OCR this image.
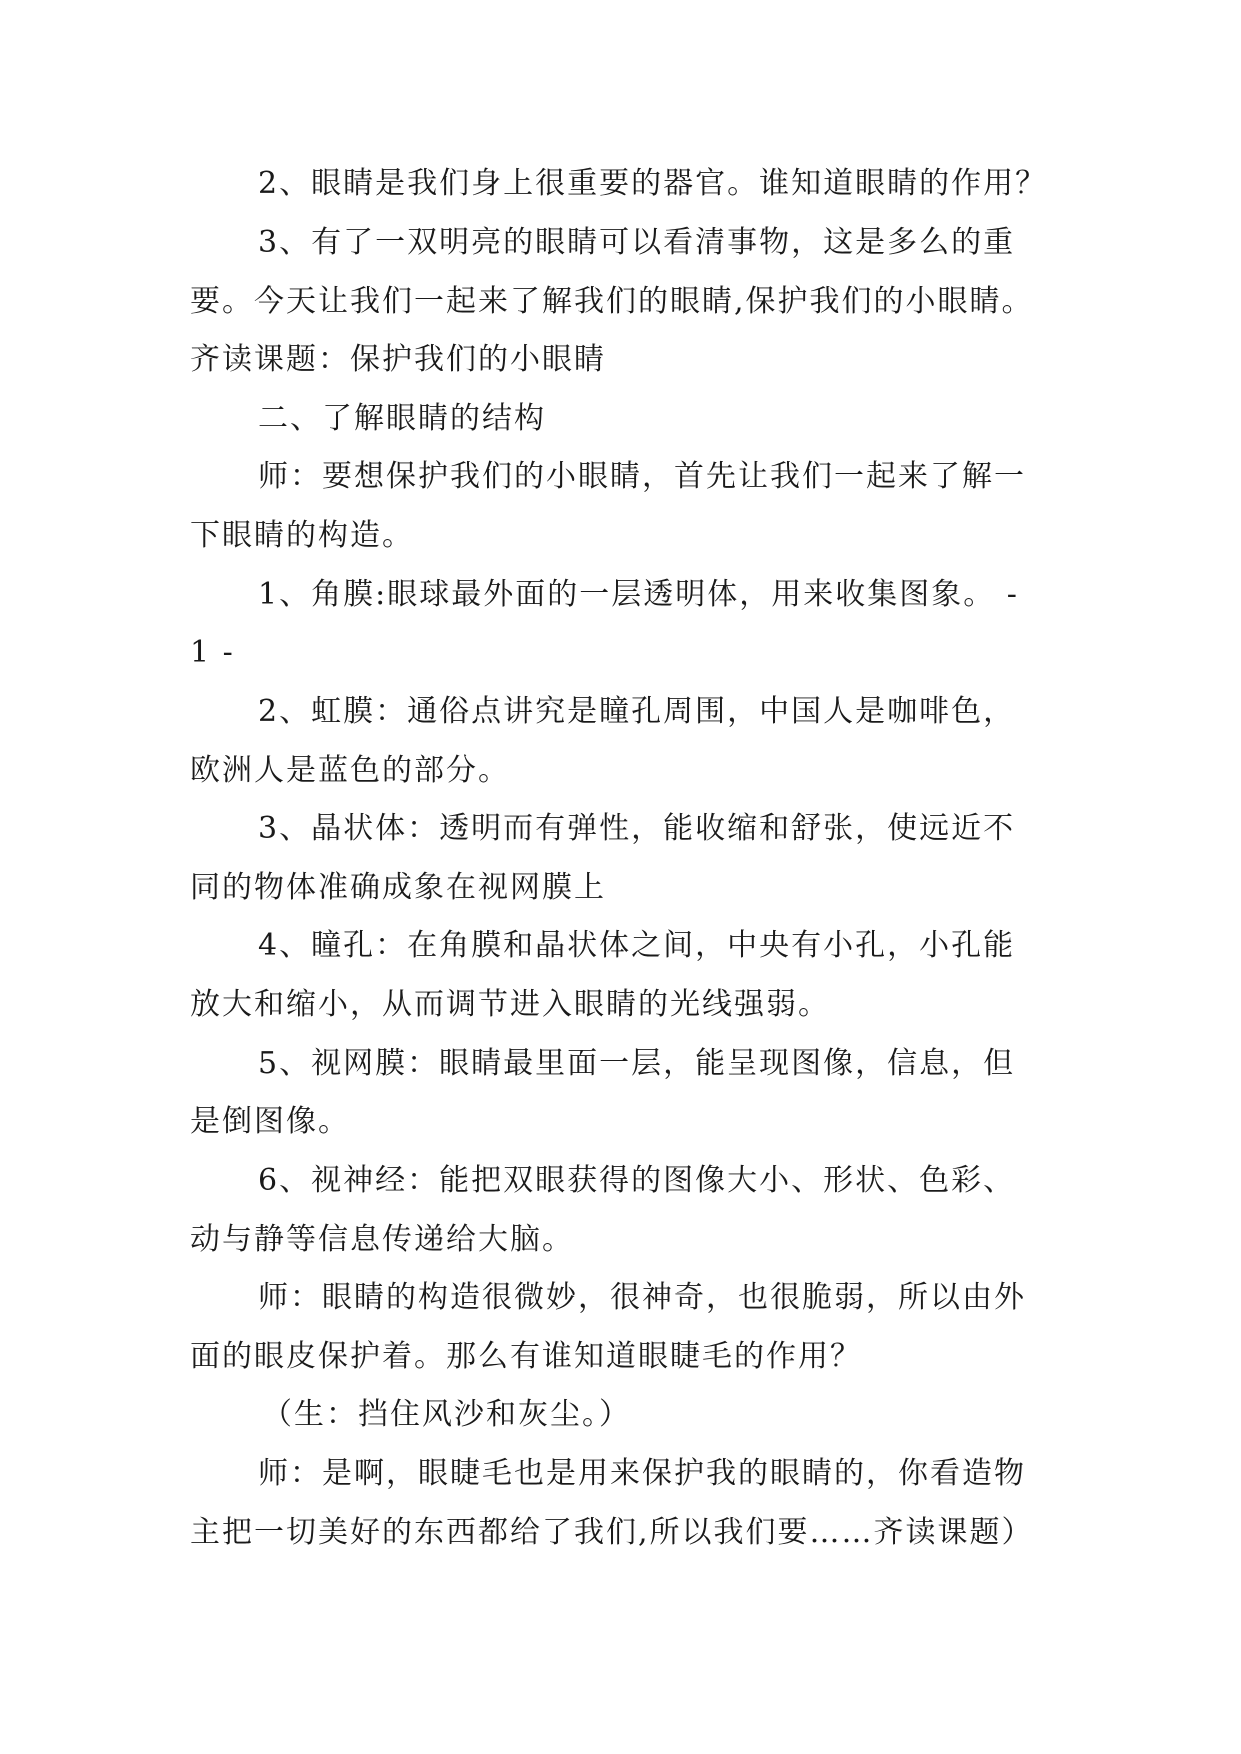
2、眼睛是我们身上很重要的器官。谁知道眼睛的作用？
3、有了一双明亮的眼睛可以看清事物，这是多么的重
要。今天让我们一起来了解我们的眼睛,保护我们的小眼睛。
齐读课题：保护我们的小眼睛
二、了解眼睛的结构
师：要想保护我们的小眼睛，首先让我们一起来了解一
下眼睛的构造。
1、角膜:眼球最外面的一层透明体，用来收集图象。 -
1 -
2、虹膜：通俗点讲究是瞳孔周围，中国人是咖啡色，
欧洲人是蓝色的部分。
3、晶状体：透明而有弹性，能收缩和舒张，使远近不
同的物体准确成象在视网膜上
4、瞳孔：在角膜和晶状体之间，中央有小孔，小孔能
放大和缩小，从而调节进入眼睛的光线强弱。
5、视网膜：眼睛最里面一层，能呈现图像，信息，但
是倒图像。
6、视神经：能把双眼获得的图像大小、形状、色彩、
动与静等信息传递给大脑。
师：眼睛的构造很微妙，很神奇，也很脆弱，所以由外
面的眼皮保护着。那么有谁知道眼睫毛的作用？
（生：挡住风沙和灰尘。）
师：是啊，眼睫毛也是用来保护我的眼睛的，你看造物
主把一切美好的东西都给了我们,所以我们要……齐读课题）
